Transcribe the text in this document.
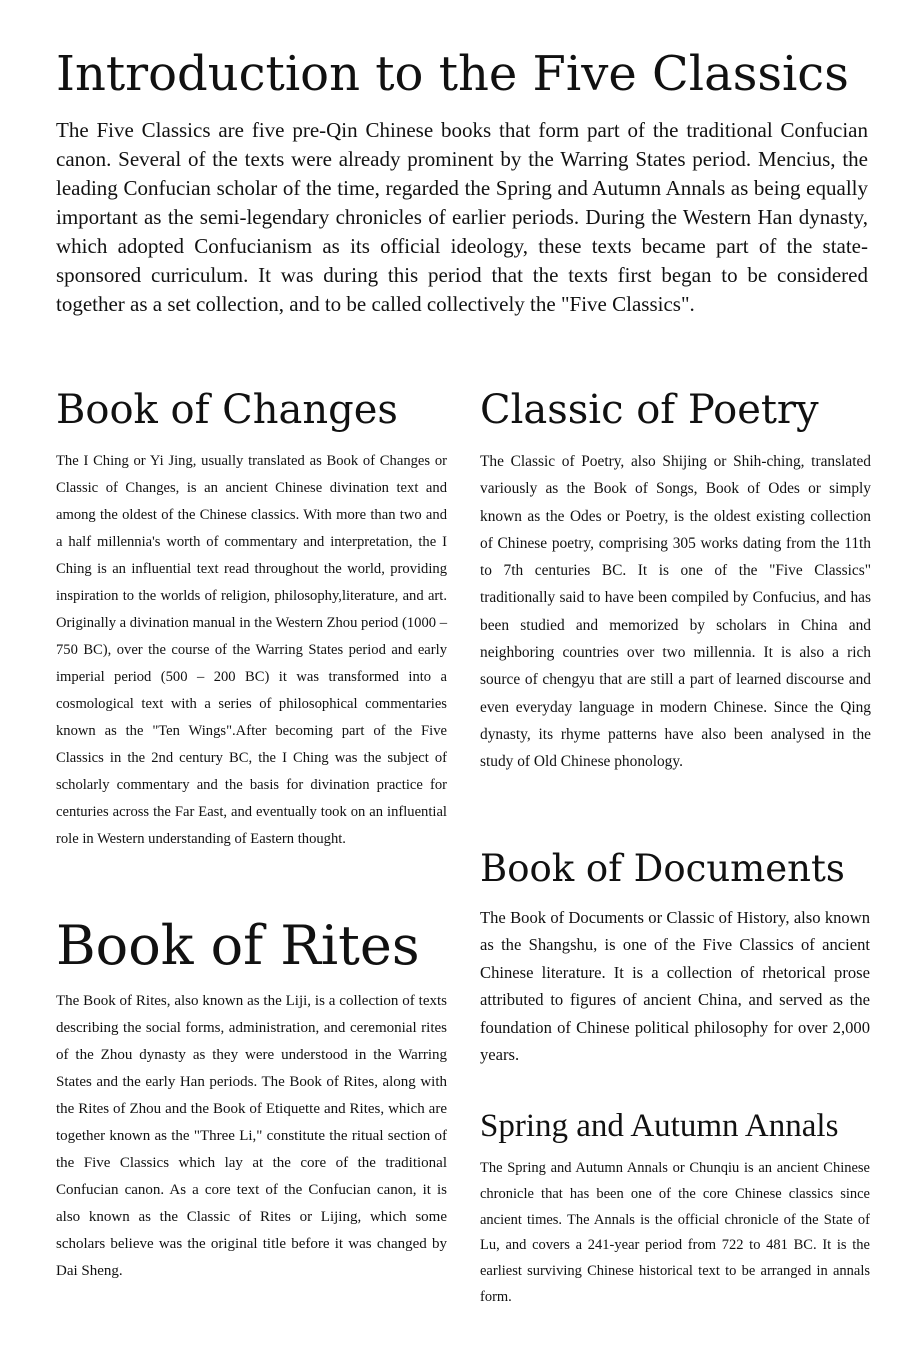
Introduction to the Five Classics

The Five Classics are five pre-Qin Chinese books that form part of the traditional Confucian canon. Several of the texts were already prominent by the Warring States period. Mencius, the leading Confucian scholar of the time, regarded the Spring and Autumn Annals as being equally important as the semi-legendary chronicles of earlier periods. During the Western Han dynasty, which adopted Confucianism as its official ideology, these texts became part of the state-sponsored curriculum. It was during this period that the texts first began to be considered together as a set collection, and to be called collectively the "Five Classics".

Book of Changes

The I Ching or Yi Jing, usually translated as Book of Changes or Classic of Changes, is an ancient Chinese divination text and among the oldest of the Chinese classics. With more than two and a half millennia's worth of commentary and interpretation, the I Ching is an influential text read throughout the world, providing inspiration to the worlds of religion, philosophy,literature, and art. Originally a divination manual in the Western Zhou period (1000 – 750 BC), over the course of the Warring States period and early imperial period (500 – 200 BC) it was transformed into a cosmological text with a series of philosophical commentaries known as the "Ten Wings".After becoming part of the Five Classics in the 2nd century BC, the I Ching was the subject of scholarly commentary and the basis for divination practice for centuries across the Far East, and eventually took on an influential role in Western understanding of Eastern thought.

Book of Rites

The Book of Rites, also known as the Liji, is a collection of texts describing the social forms, administration, and ceremonial rites of the Zhou dynasty as they were understood in the Warring States and the early Han periods. The Book of Rites, along with the Rites of Zhou and the Book of Etiquette and Rites, which are together known as the "Three Li," constitute the ritual section of the Five Classics which lay at the core of the traditional Confucian canon. As a core text of the Confucian canon, it is also known as the Classic of Rites or Lijing, which some scholars believe was the original title before it was changed by Dai Sheng.

Classic of Poetry

The Classic of Poetry, also Shijing or Shih-ching, translated variously as the Book of Songs, Book of Odes or simply known as the Odes or Poetry, is the oldest existing collection of Chinese poetry, comprising 305 works dating from the 11th to 7th centuries BC. It is one of the "Five Classics" traditionally said to have been compiled by Confucius, and has been studied and memorized by scholars in China and neighboring countries over two millennia. It is also a rich source of chengyu that are still a part of learned discourse and even everyday language in modern Chinese. Since the Qing dynasty, its rhyme patterns have also been analysed in the study of Old Chinese phonology.

Book of Documents

The Book of Documents or Classic of History, also known as the Shangshu, is one of the Five Classics of ancient Chinese literature. It is a collection of rhetorical prose attributed to figures of ancient China, and served as the foundation of Chinese political philosophy for over 2,000 years.

Spring and Autumn Annals

The Spring and Autumn Annals or Chunqiu is an ancient Chinese chronicle that has been one of the core Chinese classics since ancient times. The Annals is the official chronicle of the State of Lu, and covers a 241-year period from 722 to 481 BC. It is the earliest surviving Chinese historical text to be arranged in annals form.
